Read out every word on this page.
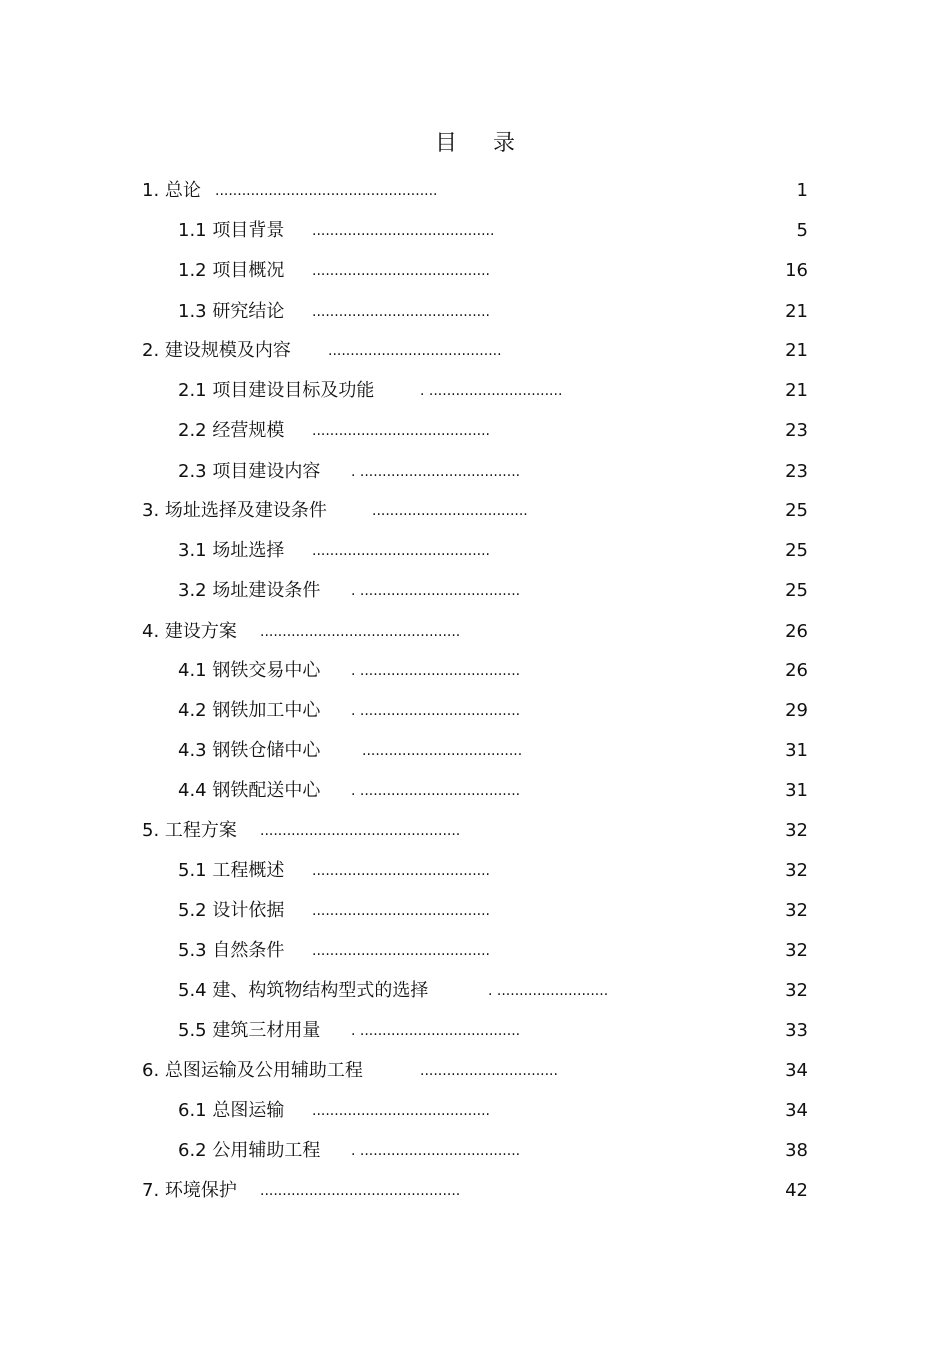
目 录
1. 总论 ..................................................	1
1.1 项目背景 .........................................	5
1.2 项目概况 ........................................	16
1.3 研究结论 ........................................	21
2. 建设规模及内容	.......................................	21
2.1 项目建设目标及功能	. ..............................	21
2.2 经营规模 ........................................	23
2.3 项目建设内容 . ....................................	23
3. 场址选择及建设条件	...................................	25
3.1 场址选择 ........................................	25
3.2 场址建设条件 . ....................................	25
4. 建设方案 .............................................	26
4.1 钢铁交易中心 . ....................................	26
4.2 钢铁加工中心 . ....................................	29
4.3 钢铁仓储中心	....................................	31
4.4 钢铁配送中心 . ....................................	31
5. 工程方案 .............................................	32
5.1 工程概述 ........................................	32
5.2 设计依据 ........................................	32
5.3 自然条件 ........................................	32
5.4 建、构筑物结构型式的选择	. .........................	32
5.5 建筑三材用量 . ....................................	33
6. 总图运输及公用辅助工程	...............................	34
6.1 总图运输 ........................................	34
6.2 公用辅助工程 . ....................................	38
7. 环境保护 .............................................	42
